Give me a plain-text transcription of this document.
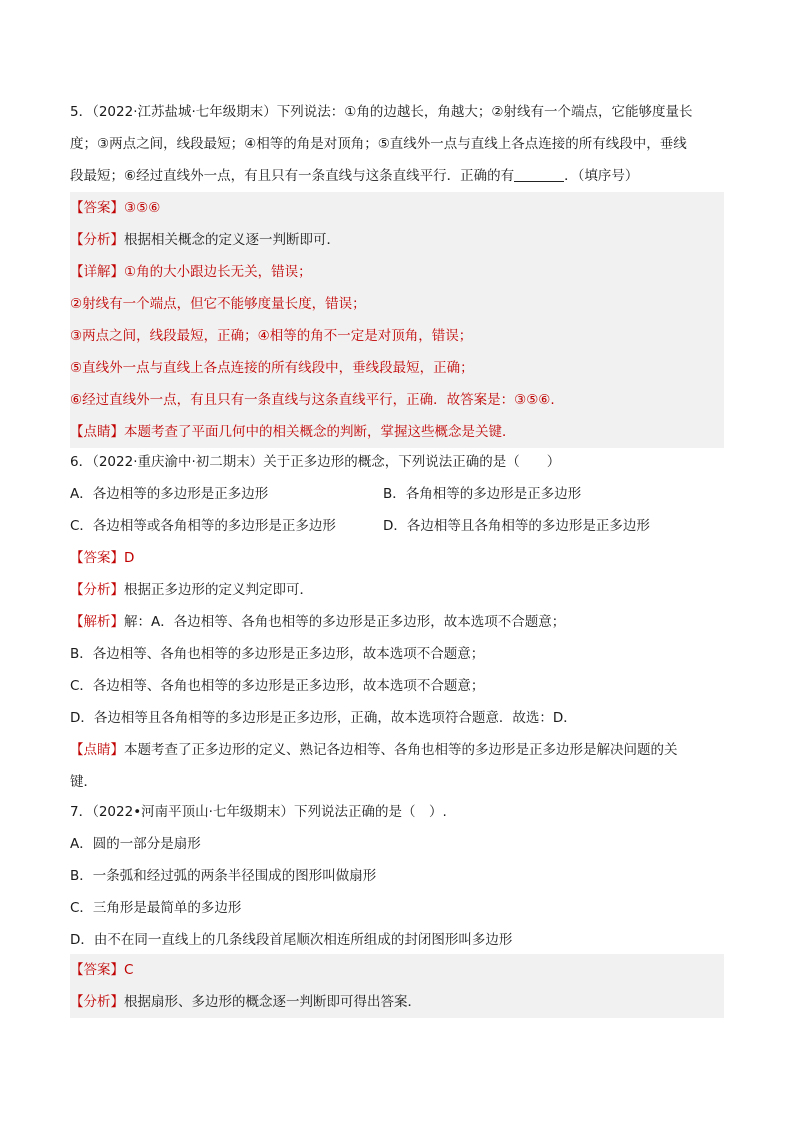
5．（2022·江苏盐城·七年级期末）下列说法：①角的边越长，角越大；②射线有一个端点，它能够度量长
度；③两点之间，线段最短；④相等的角是对顶角；⑤直线外一点与直线上各点连接的所有线段中，垂线
段最短；⑥经过直线外一点，有且只有一条直线与这条直线平行．正确的有	．（填序号）
【答案】③⑤⑥
【分析】根据相关概念的定义逐一判断即可．
【详解】①角的大小跟边长无关，错误；
②射线有一个端点，但它不能够度量长度，错误；
③两点之间，线段最短，正确；④相等的角不一定是对顶角，错误；
⑤直线外一点与直线上各点连接的所有线段中，垂线段最短，正确；
⑥经过直线外一点，有且只有一条直线与这条直线平行，正确．故答案是：③⑤⑥.
【点睛】本题考查了平面几何中的相关概念的判断，掌握这些概念是关键．
6．（2022·重庆渝中·初二期末）关于正多边形的概念，下列说法正确的是（　　）
A．各边相等的多边形是正多边形	B．各角相等的多边形是正多边形
C．各边相等或各角相等的多边形是正多边形	D．各边相等且各角相等的多边形是正多边形
【答案】D
【分析】根据正多边形的定义判定即可．
【解析】解：A．各边相等、各角也相等的多边形是正多边形，故本选项不合题意；
B．各边相等、各角也相等的多边形是正多边形，故本选项不合题意；
C．各边相等、各角也相等的多边形是正多边形，故本选项不合题意；
D．各边相等且各角相等的多边形是正多边形，正确，故本选项符合题意．故选：D．
【点睛】本题考查了正多边形的定义、熟记各边相等、各角也相等的多边形是正多边形是解决问题的关
键．
7．（2022•河南平顶山·七年级期末）下列说法正确的是（　）.
A．圆的一部分是扇形
B．一条弧和经过弧的两条半径围成的图形叫做扇形
C．三角形是最简单的多边形
D．由不在同一直线上的几条线段首尾顺次相连所组成的封闭图形叫多边形
【答案】C
【分析】根据扇形、多边形的概念逐一判断即可得出答案．
